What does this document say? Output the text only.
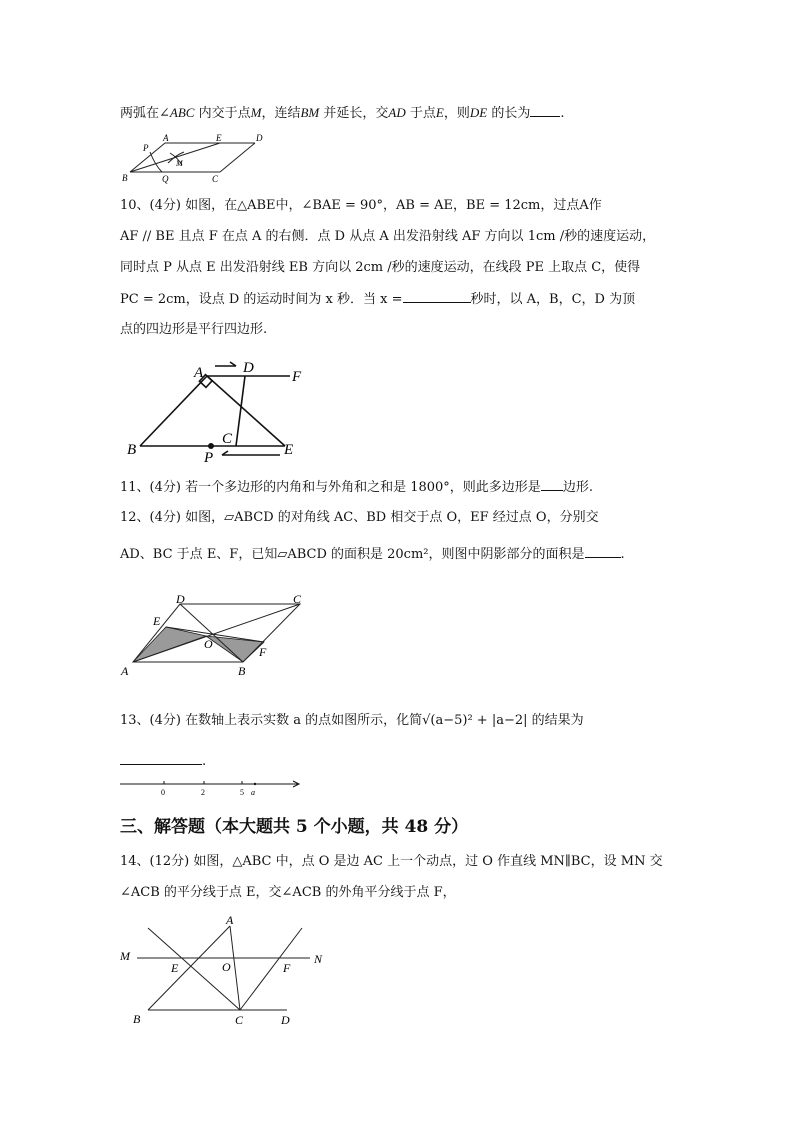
两弧在∠ABC 内交于点M，连结BM 并延长，交AD 于点E，则DE 的长为 .
A	E	D
P
M
B	Q	C
10、(4分) 如图，在△ABE中，∠BAE = 90°，AB = AE，BE = 12cm，过点A作
AF // BE 且点 F 在点 A 的右侧．点 D 从点 A 出发沿射线 AF 方向以 1cm /秒的速度运动，
同时点 P 从点 E 出发沿射线 EB 方向以 2cm /秒的速度运动，在线段 PE 上取点 C，使得
PC = 2cm，设点 D 的运动时间为 x 秒．当 x =	秒时，以 A，B，C，D 为顶
点的四边形是平行四边形.
A	D
F
B
C
E
P
11、(4分) 若一个多边形的内角和与外角和之和是 1800°，则此多边形是 边形.
12、(4分) 如图，▱ABCD 的对角线 AC、BD 相交于点 O，EF 经过点 O，分别交
AD、BC 于点 E、F，已知▱ABCD 的面积是 20cm²，则图中阴影部分的面积是	.
D	C
E
O
F
A	B
13、(4分) 在数轴上表示实数 a 的点如图所示，化简√(a−5)² + |a−2| 的结果为
.
0	2	a
5
三、解答题（本大题共 5 个小题，共 48 分）
14、(12分) 如图，△ABC 中，点 O 是边 AC 上一个动点，过 O 作直线 MN∥BC，设 MN 交
∠ACB 的平分线于点 E，交∠ACB 的外角平分线于点 F，
A
M
E	O	F
N
B	C	D
